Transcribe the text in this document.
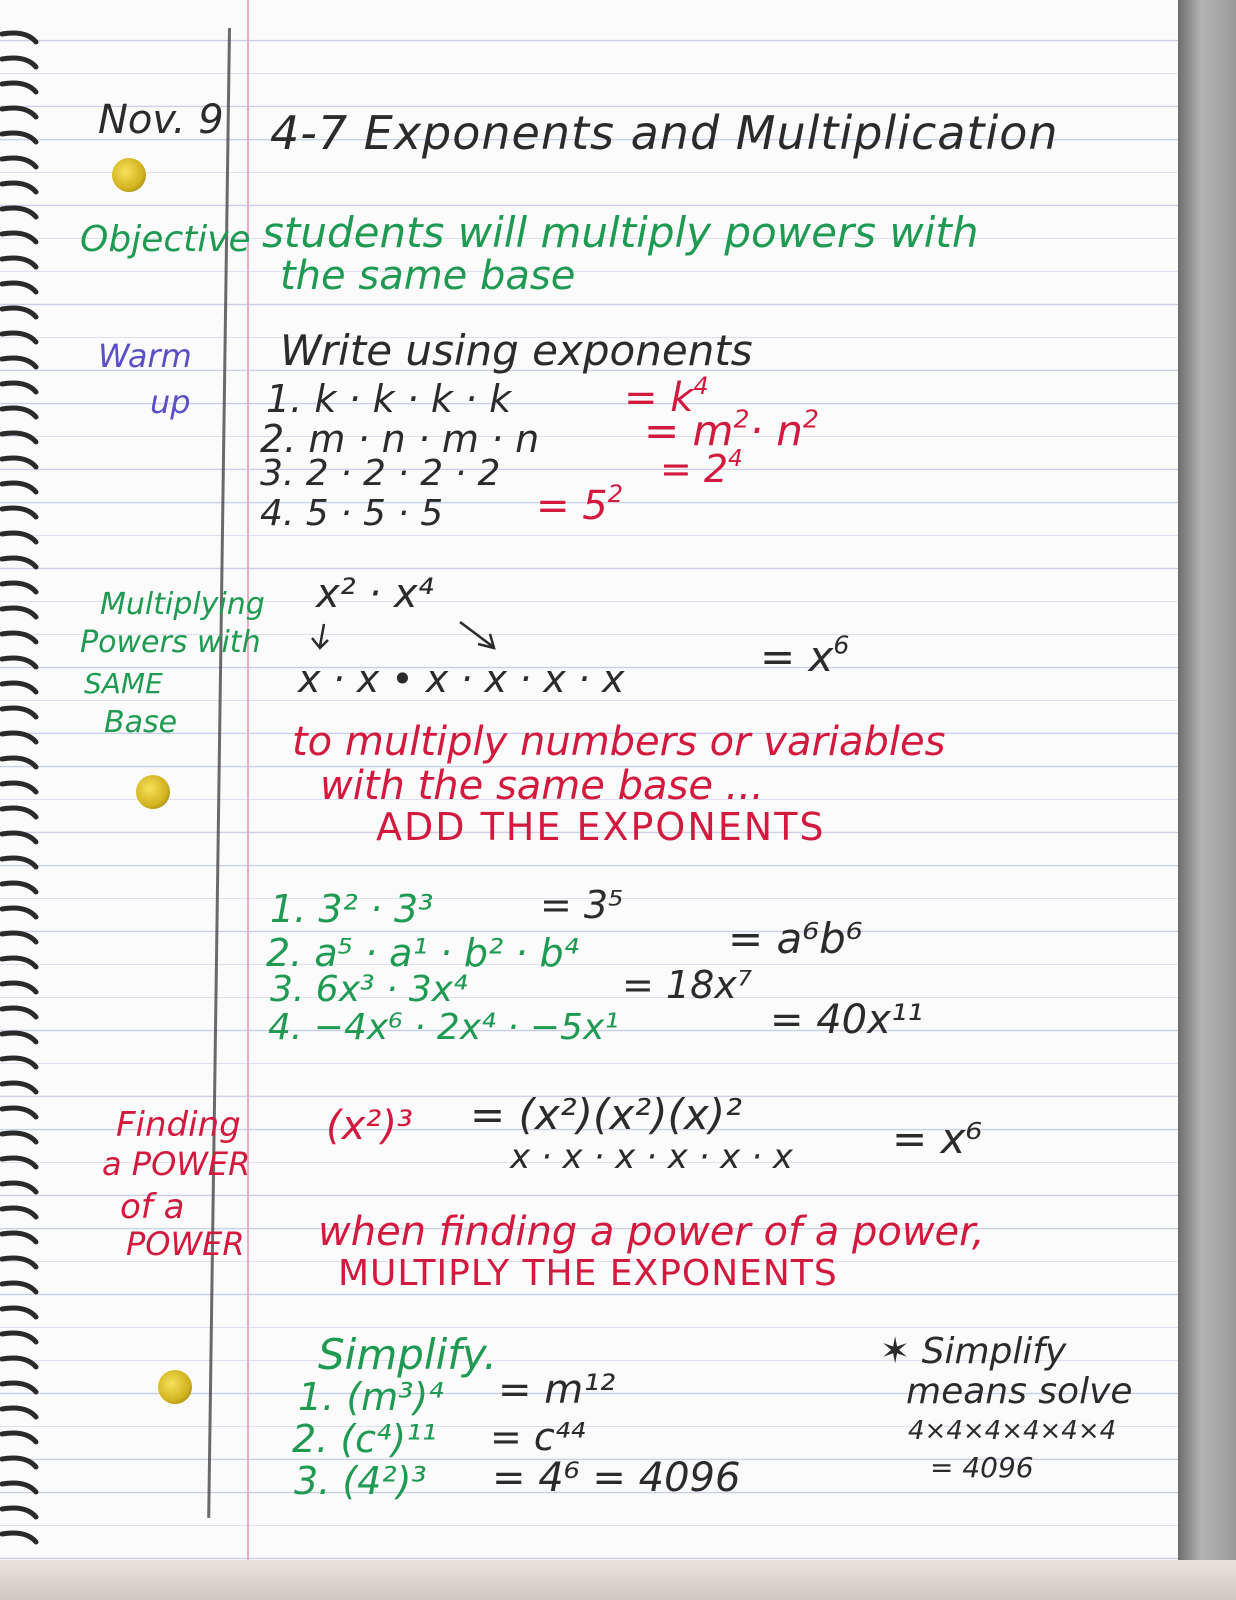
Nov. 9 4-7 Exponents and Multiplication
Objective
Warm
up
Multiplying
Powers with
SAME
Base
Finding
a POWER
of a
POWER
students will multiply powers with
the same base
Write using exponents
1. k · k · k · k	= $k^4$
2. $m \cdot n \cdot m \cdot n = m^2\cdot n^2$
3. 2 · 2 · 2 · 2	= $2^4$
4. $5 \cdot 5 \cdot 5 = 5^2$
x² · x⁴
x · x • x · x · x · x	= $x^6$
to multiply numbers or variables
with the same base ...
ADD THE EXPONENTS
1. 3² · 3³	= 3⁵
2. a⁵ · a¹ · b² · b⁴	= a⁶b⁶
3. 6x³ · 3x⁴	= 18x⁷
4. −4x⁶ · 2x⁴ · −5x¹	= 40x¹¹
(x²)³ = (x²)(x²)(x)²
x · x · x · x · x · x = x⁶
when finding a power of a power,
MULTIPLY THE EXPONENTS
Simplify.
1. (m³)⁴ = m¹²
2. (c⁴)¹¹ = c⁴⁴
3. (4²)³ = 4⁶ = 4096
✶ Simplify
means solve
4×4×4×4×4×4
= 4096
